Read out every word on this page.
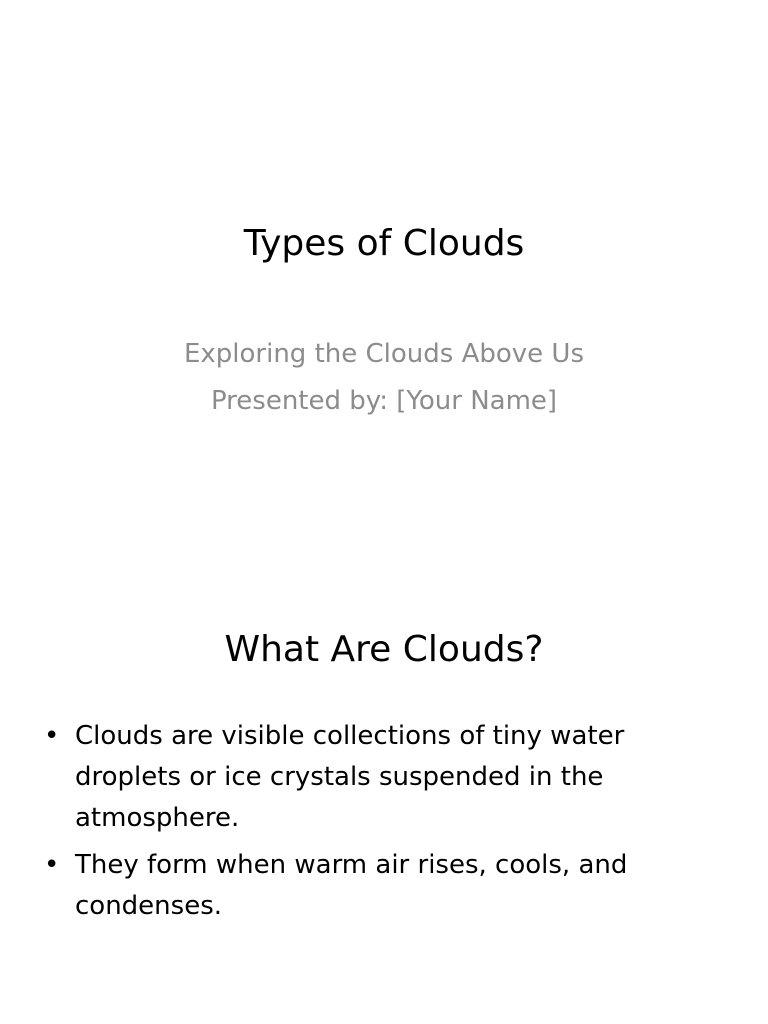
Types of Clouds
Exploring the Clouds Above Us
Presented by: [Your Name]
What Are Clouds?
• Clouds are visible collections of tiny water droplets or ice crystals suspended in the atmosphere.
• They form when warm air rises, cools, and condenses.
